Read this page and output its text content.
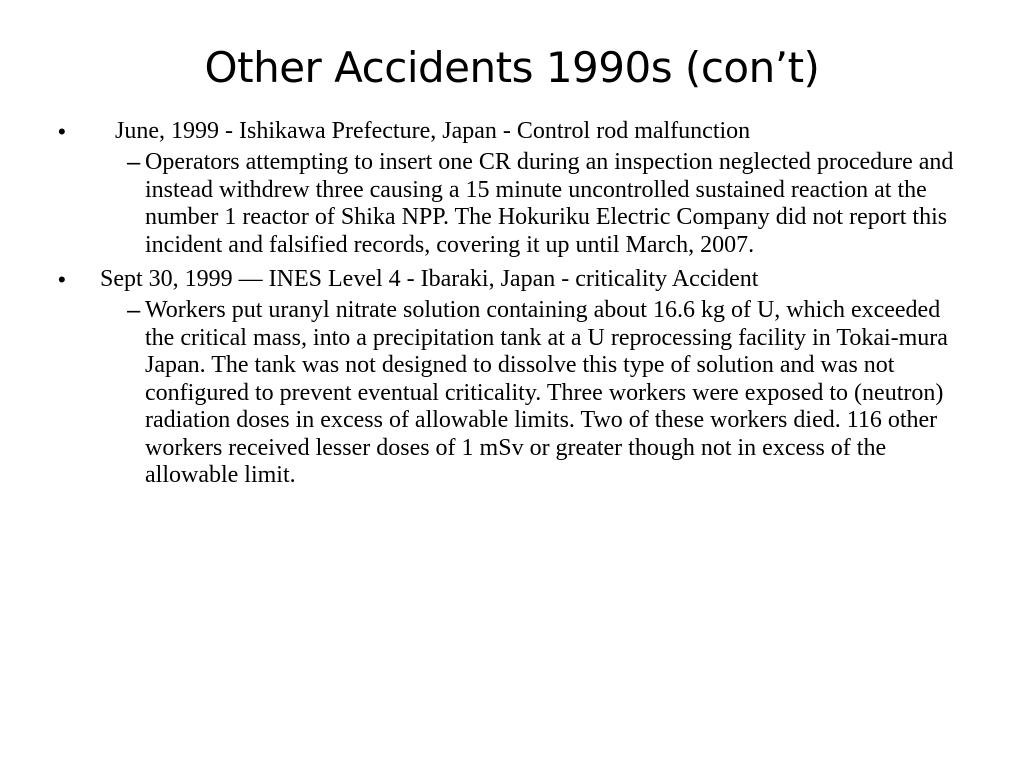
Other Accidents 1990s (con’t)
•	June, 1999 - Ishikawa Prefecture, Japan - Control rod malfunction
– Operators attempting to insert one CR during an inspection neglected procedure and instead withdrew three causing a 15 minute uncontrolled sustained reaction at the number 1 reactor of Shika NPP. The Hokuriku Electric Company did not report this incident and falsified records, covering it up until March, 2007.
•	Sept 30, 1999 — INES Level 4 - Ibaraki, Japan - criticality Accident
– Workers put uranyl nitrate solution containing about 16.6 kg of U, which exceeded the critical mass, into a precipitation tank at a U reprocessing facility in Tokai-mura Japan. The tank was not designed to dissolve this type of solution and was not configured to prevent eventual criticality. Three workers were exposed to (neutron) radiation doses in excess of allowable limits. Two of these workers died. 116 other workers received lesser doses of 1 mSv or greater though not in excess of the allowable limit.
